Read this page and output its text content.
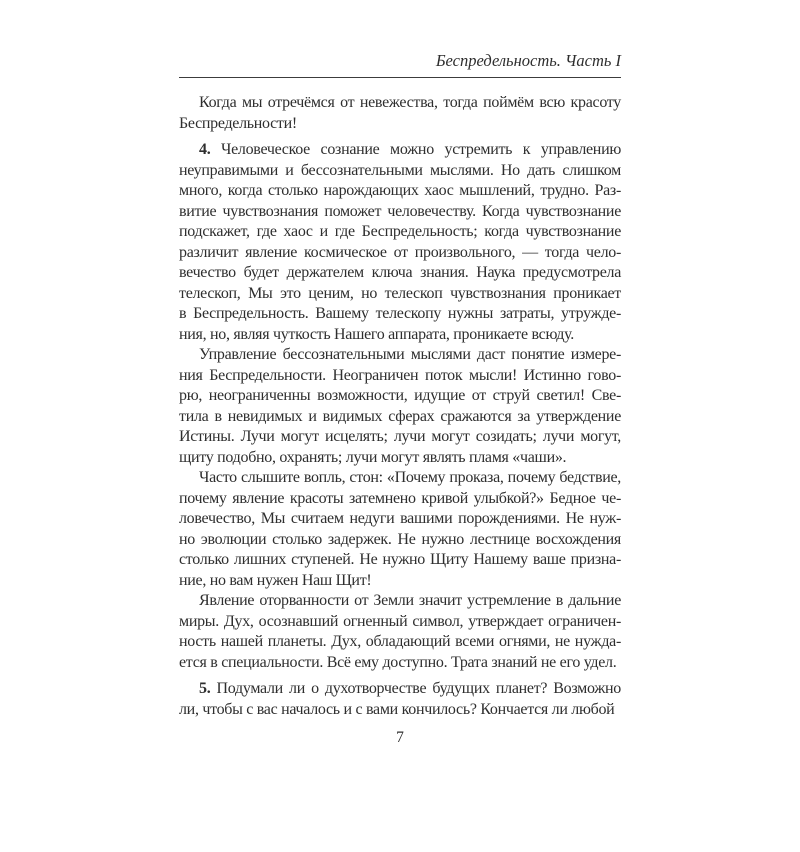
Беспредельность. Часть I
Когда мы отречёмся от невежества, тогда поймём всю красоту
Беспредельности!
4. Человеческое сознание можно устремить к управлению
неуправимыми и бессознательными мыслями. Но дать слишком
много, когда столько нарождающих хаос мышлений, трудно. Раз-
витие чувствознания поможет человечеству. Когда чувствознание
подскажет, где хаос и где Беспредельность; когда чувствознание
различит явление космическое от произвольного, — тогда чело-
вечество будет держателем ключа знания. Наука предусмотрела
телескоп, Мы это ценим, но телескоп чувствознания проникает
в Беспредельность. Вашему телескопу нужны затраты, утружде-
ния, но, являя чуткость Нашего аппарата, проникаете всюду.
Управление бессознательными мыслями даст понятие измере-
ния Беспредельности. Неограничен поток мысли! Истинно гово-
рю, неограниченны возможности, идущие от струй светил! Све-
тила в невидимых и видимых сферах сражаются за утверждение
Истины. Лучи могут исцелять; лучи могут созидать; лучи могут,
щиту подобно, охранять; лучи могут являть пламя «чаши».
Часто слышите вопль, стон: «Почему проказа, почему бедствие,
почему явление красоты затемнено кривой улыбкой?» Бедное че-
ловечество, Мы считаем недуги вашими порождениями. Не нуж-
но эволюции столько задержек. Не нужно лестнице восхождения
столько лишних ступеней. Не нужно Щиту Нашему ваше призна-
ние, но вам нужен Наш Щит!
Явление оторванности от Земли значит устремление в дальние
миры. Дух, осознавший огненный символ, утверждает ограничен-
ность нашей планеты. Дух, обладающий всеми огнями, не нужда-
ется в специальности. Всё ему доступно. Трата знаний не его удел.
5. Подумали ли о духотворчестве будущих планет? Возможно
ли, чтобы с вас началось и с вами кончилось? Кончается ли любой
7
